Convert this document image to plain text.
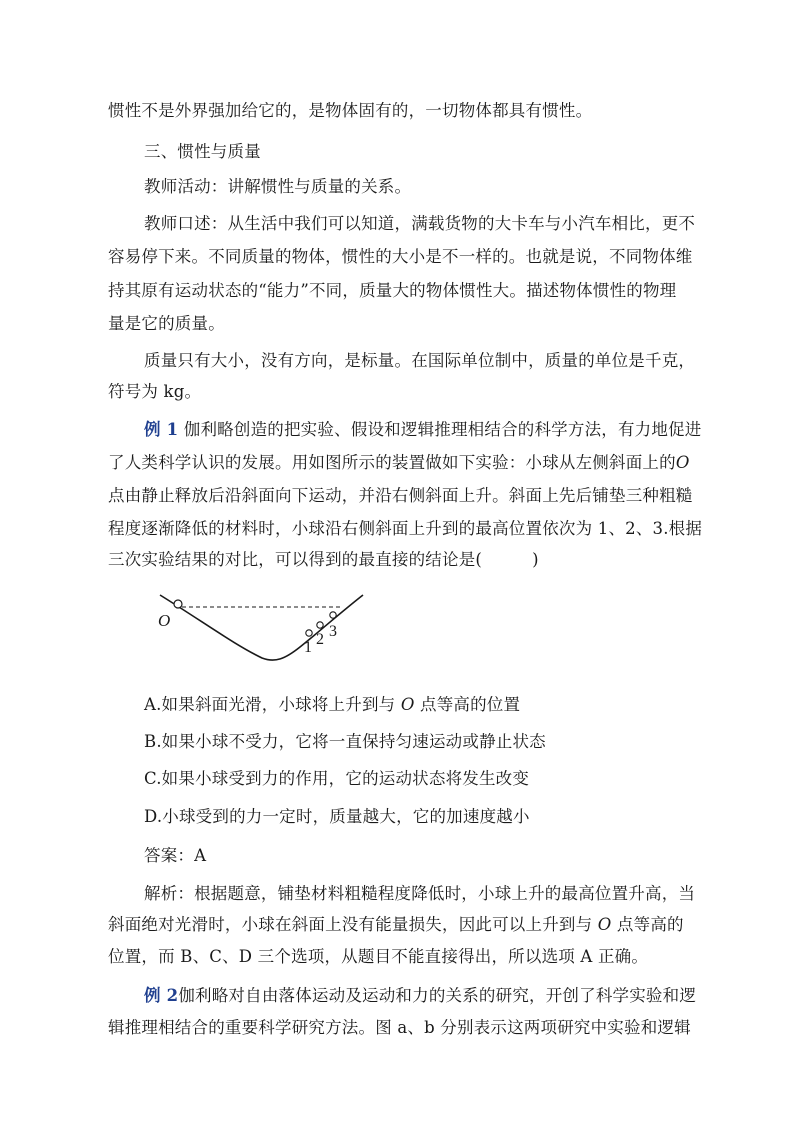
惯性不是外界强加给它的，是物体固有的，一切物体都具有惯性。
三、惯性与质量
教师活动：讲解惯性与质量的关系。
教师口述：从生活中我们可以知道，满载货物的大卡车与小汽车相比，更不
容易停下来。不同质量的物体，惯性的大小是不一样的。也就是说，不同物体维
持其原有运动状态的“能力”不同，质量大的物体惯性大。描述物体惯性的物理
量是它的质量。
质量只有大小，没有方向，是标量。在国际单位制中，质量的单位是千克，
符号为 kg。
例 1 伽利略创造的把实验、假设和逻辑推理相结合的科学方法，有力地促进
了人类科学认识的发展。用如图所示的装置做如下实验：小球从左侧斜面上的O
点由静止释放后沿斜面向下运动，并沿右侧斜面上升。斜面上先后铺垫三种粗糙
程度逐渐降低的材料时，小球沿右侧斜面上升到的最高位置依次为 1、2、3.根据
三次实验结果的对比，可以得到的最直接的结论是(　　　)
O
1 2 3
A.如果斜面光滑，小球将上升到与 O 点等高的位置
B.如果小球不受力，它将一直保持匀速运动或静止状态
C.如果小球受到力的作用，它的运动状态将发生改变
D.小球受到的力一定时，质量越大，它的加速度越小
答案：A
解析：根据题意，铺垫材料粗糙程度降低时，小球上升的最高位置升高，当
斜面绝对光滑时，小球在斜面上没有能量损失，因此可以上升到与 O 点等高的
位置，而 B、C、D 三个选项，从题目不能直接得出，所以选项 A 正确。
例 2伽利略对自由落体运动及运动和力的关系的研究，开创了科学实验和逻
辑推理相结合的重要科学研究方法。图 a、b 分别表示这两项研究中实验和逻辑
